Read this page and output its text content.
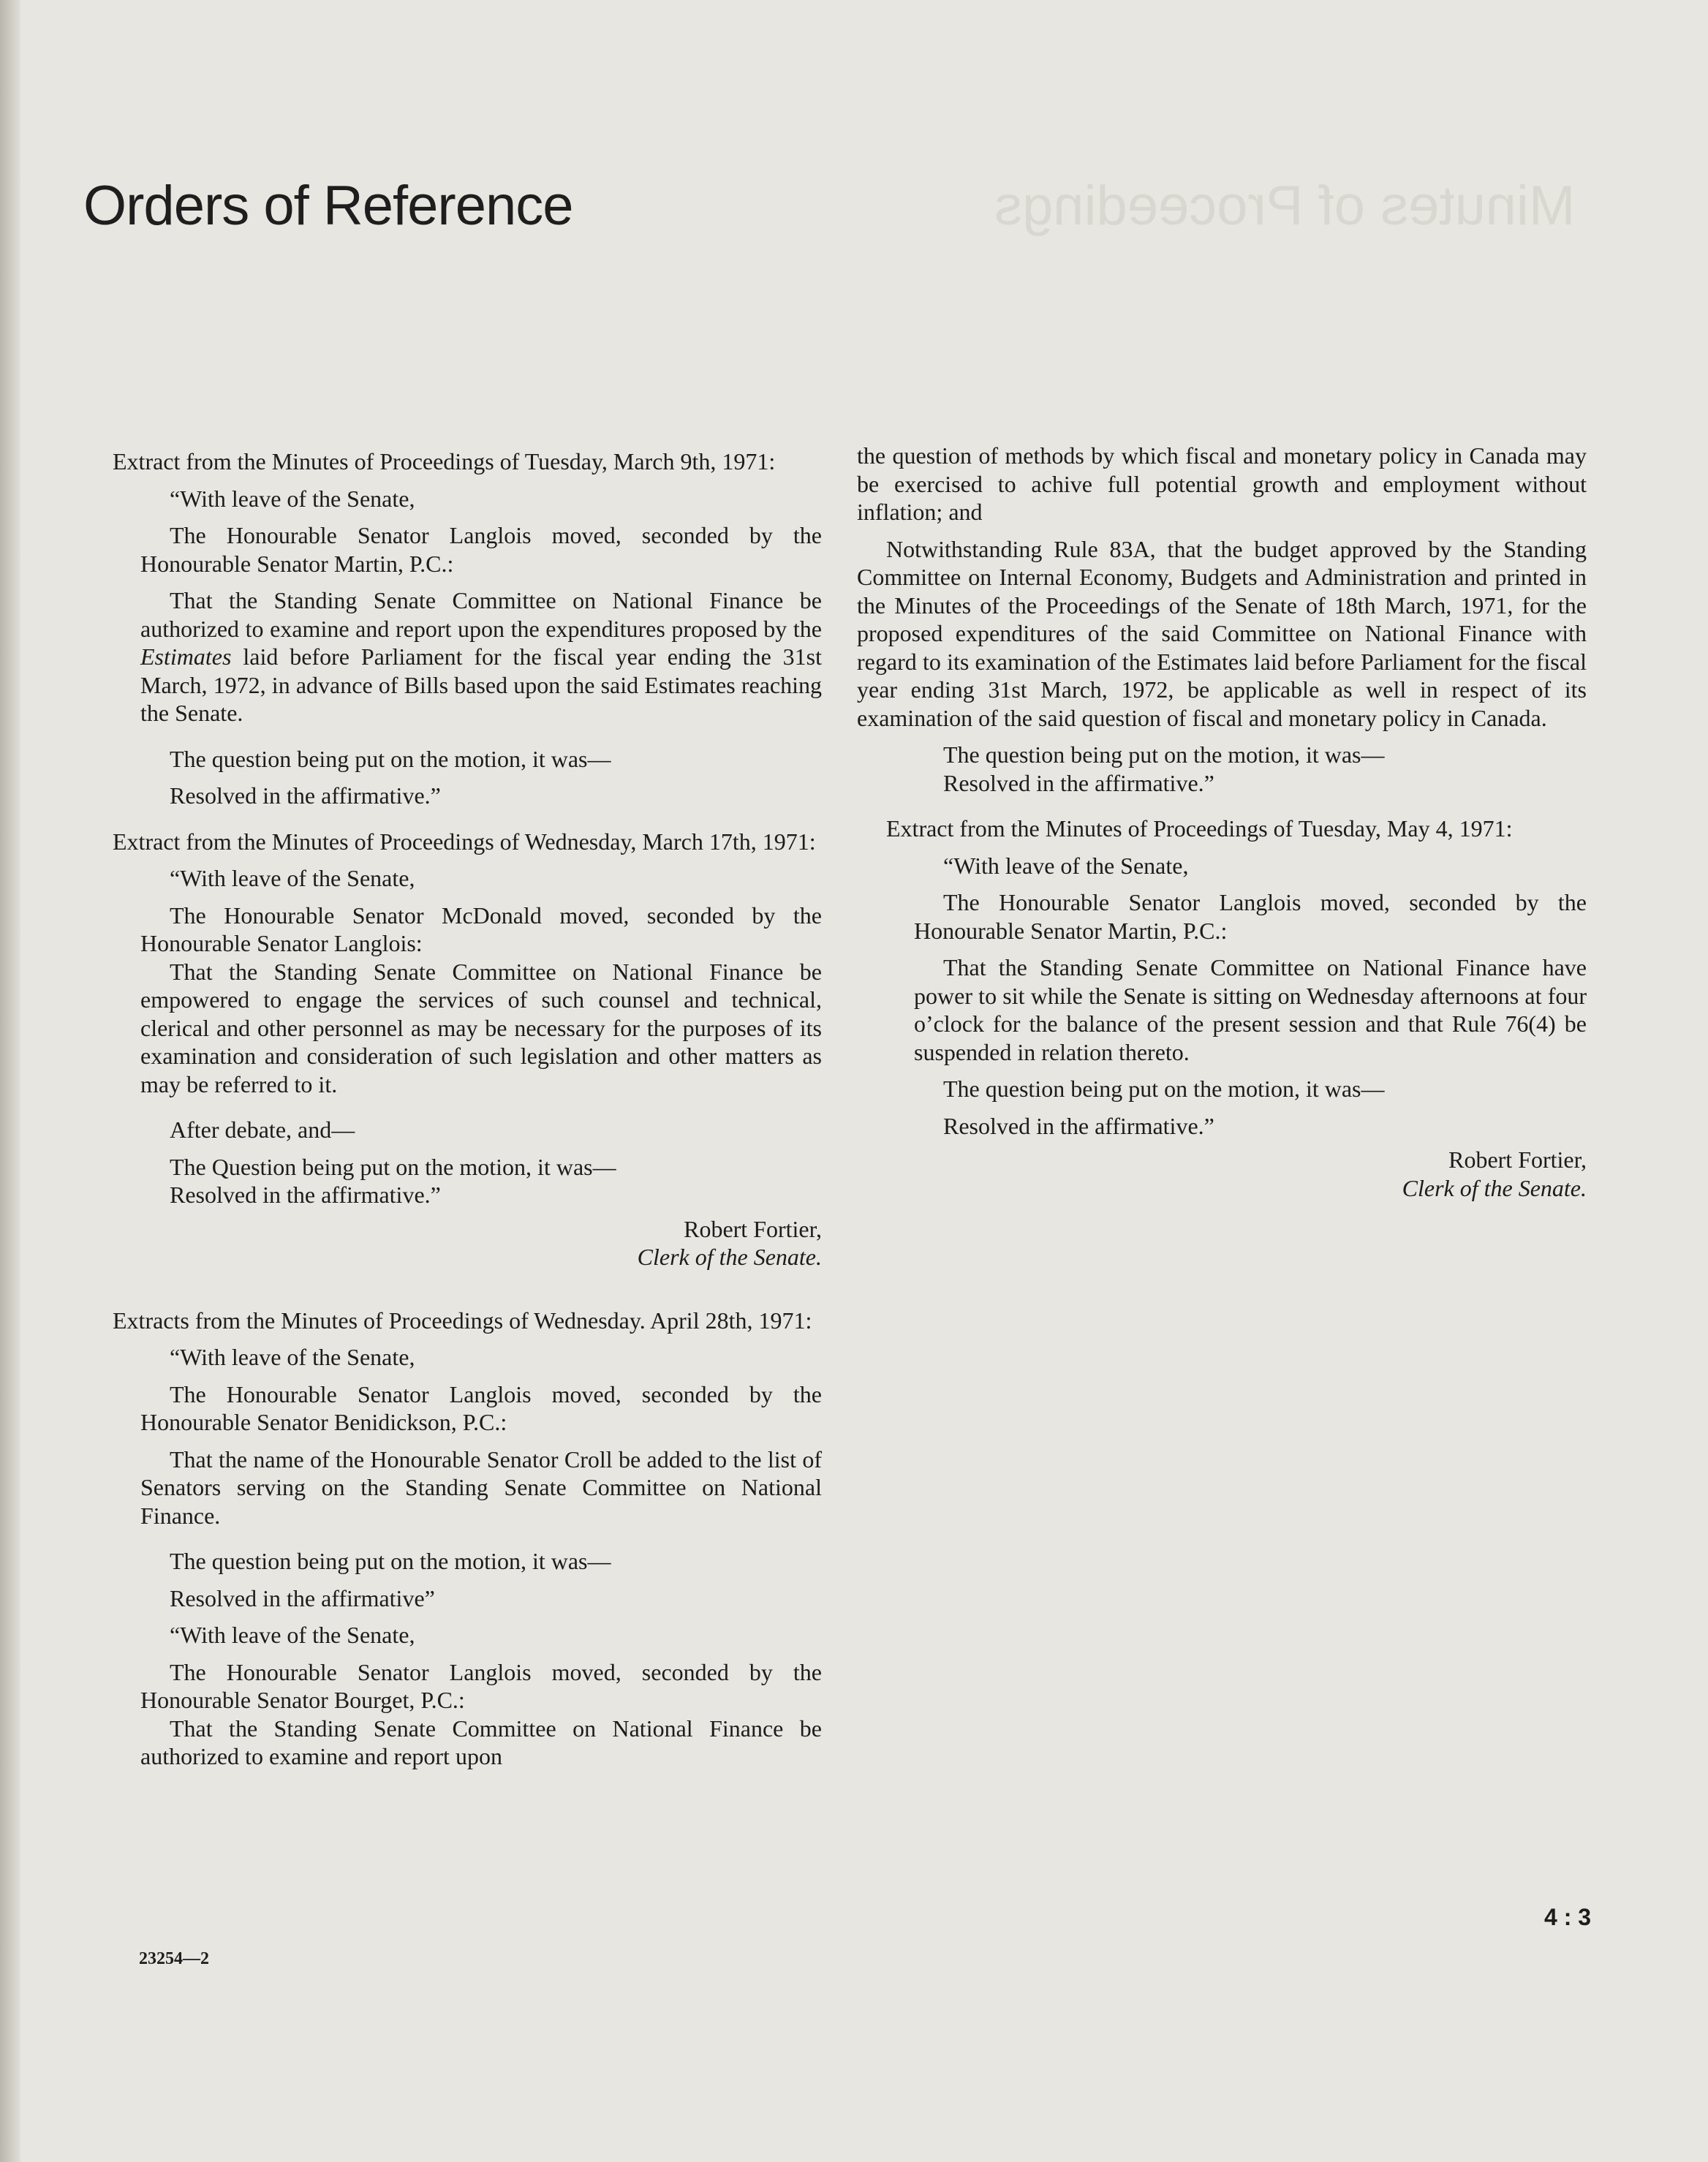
Minutes of Proceedings
Orders of Reference

Extract from the Minutes of Proceedings of Tuesday, March 9th, 1971:

“With leave of the Senate,

The Honourable Senator Langlois moved, seconded by the Honourable Senator Martin, P.C.:

That the Standing Senate Committee on National Finance be authorized to examine and report upon the expenditures proposed by the Estimates laid before Parliament for the fiscal year ending the 31st March, 1972, in advance of Bills based upon the said Estimates reaching the Senate.

The question being put on the motion, it was—

Resolved in the affirmative.”

Extract from the Minutes of Proceedings of Wednesday, March 17th, 1971:

“With leave of the Senate,

The Honourable Senator McDonald moved, seconded by the Honourable Senator Langlois:

That the Standing Senate Committee on National Finance be empowered to engage the services of such counsel and technical, clerical and other personnel as may be necessary for the purposes of its examination and consideration of such legislation and other matters as may be referred to it.

After debate, and—

The Question being put on the motion, it was—

Resolved in the affirmative.”

Robert Fortier,

Clerk of the Senate.

Extracts from the Minutes of Proceedings of Wednesday. April 28th, 1971:

“With leave of the Senate,

The Honourable Senator Langlois moved, seconded by the Honourable Senator Benidickson, P.C.:

That the name of the Honourable Senator Croll be added to the list of Senators serving on the Standing Senate Committee on National Finance.

The question being put on the motion, it was—

Resolved in the affirmative”

“With leave of the Senate,

The Honourable Senator Langlois moved, seconded by the Honourable Senator Bourget, P.C.:

That the Standing Senate Committee on National Finance be authorized to examine and report upon

the question of methods by which fiscal and monetary policy in Canada may be exercised to achive full potential growth and employment without inflation; and

Notwithstanding Rule 83A, that the budget approved by the Standing Committee on Internal Economy, Budgets and Administration and printed in the Minutes of the Proceedings of the Senate of 18th March, 1971, for the proposed expenditures of the said Committee on National Finance with regard to its examination of the Estimates laid before Parliament for the fiscal year ending 31st March, 1972, be applicable as well in respect of its examination of the said question of fiscal and monetary policy in Canada.

The question being put on the motion, it was—

Resolved in the affirmative.”

Extract from the Minutes of Proceedings of Tuesday, May 4, 1971:

“With leave of the Senate,

The Honourable Senator Langlois moved, seconded by the Honourable Senator Martin, P.C.:

That the Standing Senate Committee on National Finance have power to sit while the Senate is sitting on Wednesday afternoons at four o’clock for the balance of the present session and that Rule 76(4) be suspended in relation thereto.

The question being put on the motion, it was—

Resolved in the affirmative.”

Robert Fortier,

Clerk of the Senate.

4 : 3
23254—2
